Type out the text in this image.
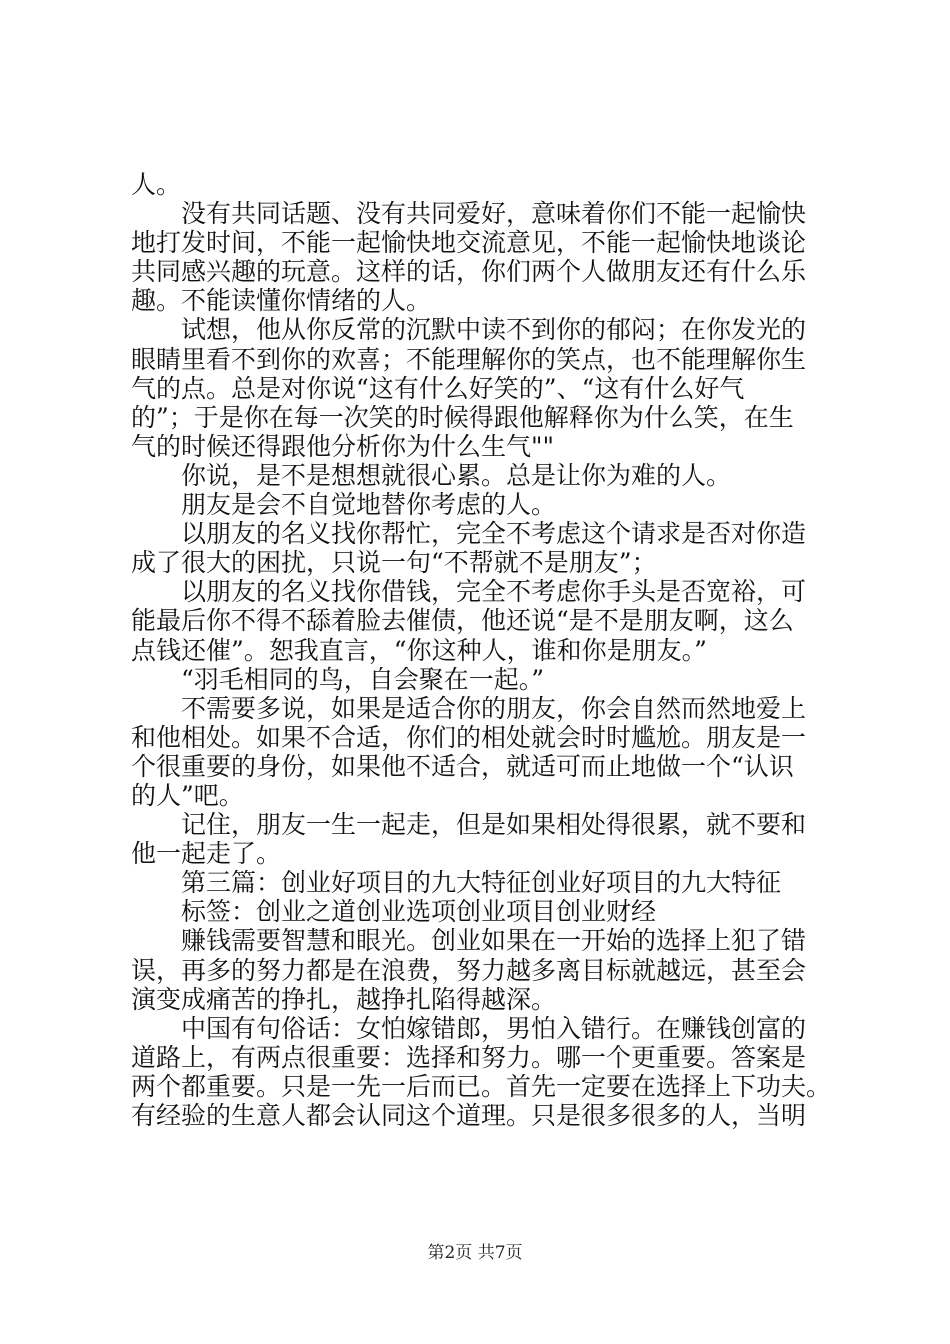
人。
没有共同话题、没有共同爱好，意味着你们不能一起愉快
地打发时间，不能一起愉快地交流意见，不能一起愉快地谈论
共同感兴趣的玩意。这样的话，你们两个人做朋友还有什么乐
趣。不能读懂你情绪的人。
试想，他从你反常的沉默中读不到你的郁闷；在你发光的
眼睛里看不到你的欢喜；不能理解你的笑点，也不能理解你生
气的点。总是对你说“这有什么好笑的”、“这有什么好气
的”；于是你在每一次笑的时候得跟他解释你为什么笑，在生
气的时候还得跟他分析你为什么生气""
你说，是不是想想就很心累。总是让你为难的人。
朋友是会不自觉地替你考虑的人。
以朋友的名义找你帮忙，完全不考虑这个请求是否对你造
成了很大的困扰，只说一句“不帮就不是朋友”；
以朋友的名义找你借钱，完全不考虑你手头是否宽裕，可
能最后你不得不舔着脸去催债，他还说“是不是朋友啊，这么
点钱还催”。恕我直言，“你这种人，谁和你是朋友。”
“羽毛相同的鸟，自会聚在一起。”
不需要多说，如果是适合你的朋友，你会自然而然地爱上
和他相处。如果不合适，你们的相处就会时时尴尬。朋友是一
个很重要的身份，如果他不适合，就适可而止地做一个“认识
的人”吧。
记住，朋友一生一起走，但是如果相处得很累，就不要和
他一起走了。
第三篇：创业好项目的九大特征创业好项目的九大特征
标签：创业之道创业选项创业项目创业财经
赚钱需要智慧和眼光。创业如果在一开始的选择上犯了错
误，再多的努力都是在浪费，努力越多离目标就越远，甚至会
演变成痛苦的挣扎，越挣扎陷得越深。
中国有句俗话：女怕嫁错郎，男怕入错行。在赚钱创富的
道路上，有两点很重要：选择和努力。哪一个更重要。答案是
两个都重要。只是一先一后而已。首先一定要在选择上下功夫。
有经验的生意人都会认同这个道理。只是很多很多的人，当明
第2页 共7页
